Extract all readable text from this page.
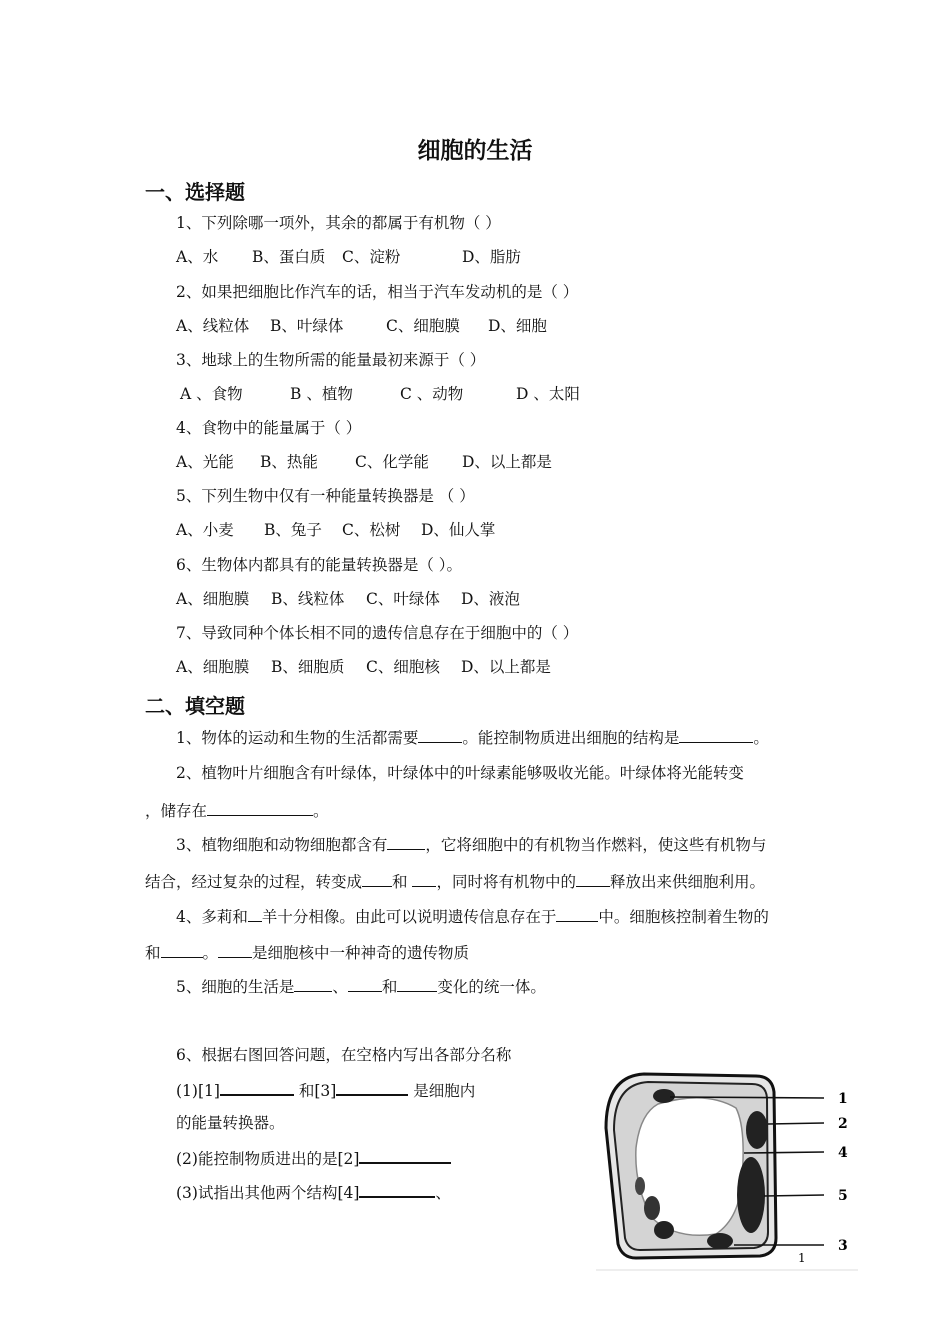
细胞的生活
一、选择题
1、下列除哪一项外，其余的都属于有机物（ ）
A、水 B、蛋白质 C、淀粉	D、脂肪
2、如果把细胞比作汽车的话，相当于汽车发动机的是（ ）
A、线粒体 B、叶绿体	C、细胞膜 D、细胞
3、地球上的生物所需的能量最初来源于（ ）
A 、食物	B 、植物	C 、动物	D 、太阳
4、食物中的能量属于（ ）
A、光能 B、热能 C、化学能 D、以上都是
5、下列生物中仅有一种能量转换器是 （ ）
A、小麦 B、兔子 C、松树 D、仙人掌
6、生物体内都具有的能量转换器是（ ）。
A、细胞膜 B、线粒体 C、叶绿体 D、液泡
7、导致同种个体长相不同的遗传信息存在于细胞中的（ ）
A、细胞膜 B、细胞质 C、细胞核 D、以上都是
二、填空题
1、物体的运动和生物的生活都需要	。能控制物质进出细胞的结构是	。
2、植物叶片细胞含有叶绿体，叶绿体中的叶绿素能够吸收光能。叶绿体将光能转变
，储存在	。
3、植物细胞和动物细胞都含有 ，它将细胞中的有机物当作燃料，使这些有机物与
结合，经过复杂的过程，转变成 和 ，同时将有机物中的 释放出来供细胞利用。
4、多莉和 羊十分相像。由此可以说明遗传信息存在于	中。细胞核控制着生物的
和	。 是细胞核中一种神奇的遗传物质
5、细胞的生活是 、 和	变化的统一体。
6、根据右图回答问题，在空格内写出各部分名称
(1)[1]	和[3]	是细胞内
的能量转换器。
(2)能控制物质进出的是[2]
(3)试指出其他两个结构[4]	、
1
2
4
5
3
1
